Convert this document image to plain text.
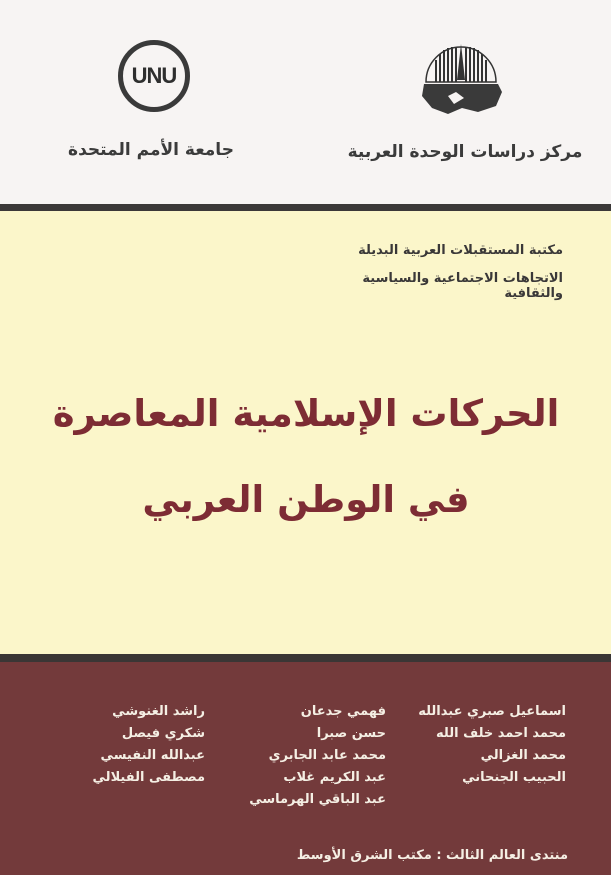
UNU
جامعة الأمم المتحدة	مركز دراسات الوحدة العربية
مكتبة المستقبلات العربية البديلة
الاتجاهات الاجتماعية والسياسية والثقافية
الحركات الإسلامية المعاصرة
في الوطن العربي
اسماعيل صبري عبدالله
محمد احمد خلف الله
محمد الغزالي
الحبيب الجنحاني
فهمي جدعان
حسن صبرا
محمد عابد الجابري
عبد الكريم غلاب
عبد الباقي الهرماسي
راشد الغنوشي
شكري فيصل
عبدالله النفيسي
مصطفى الفيلالي
منتدى العالم الثالث : مكتب الشرق الأوسط
